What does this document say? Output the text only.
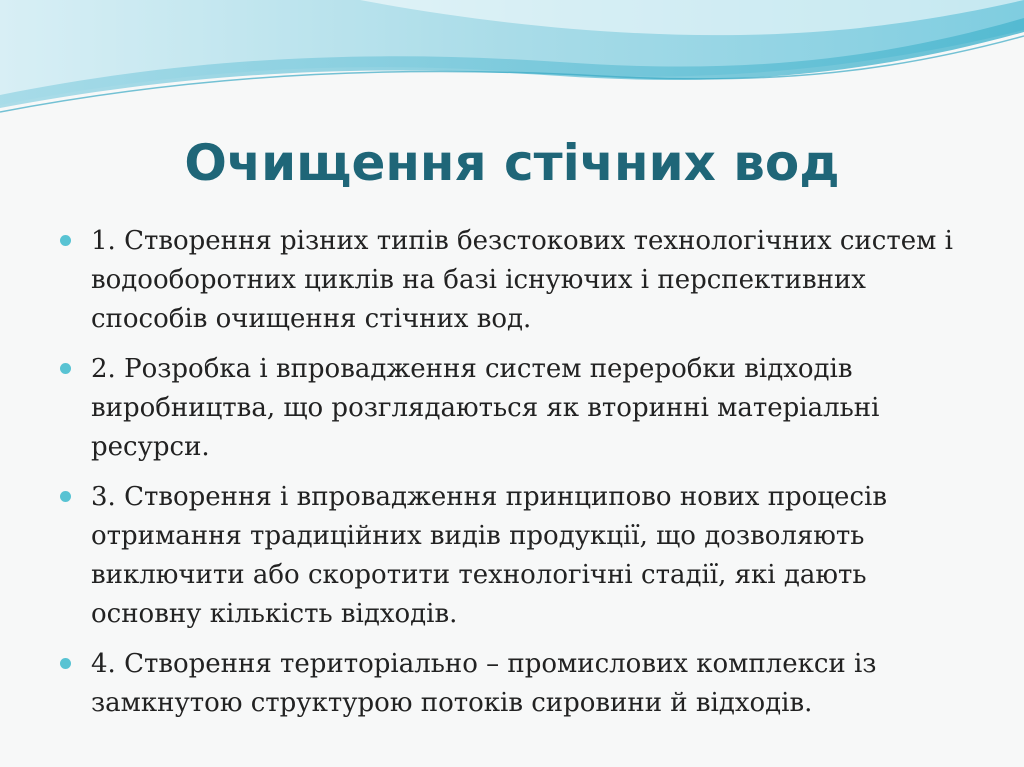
Очищення стічних вод
1. Створення різних типів безстокових технологічних систем і водооборотних циклів на базі існуючих і перспективних способів очищення стічних вод.
2. Розробка і впровадження систем переробки відходів виробництва, що розглядаються як вторинні матеріальні ресурси.
3. Створення і впровадження принципово нових процесів отримання традиційних видів продукції, що дозволяють виключити або скоротити технологічні стадії, які дають основну кількість відходів.
4. Створення територіально – промислових комплекси із замкнутою структурою потоків сировини й відходів.
